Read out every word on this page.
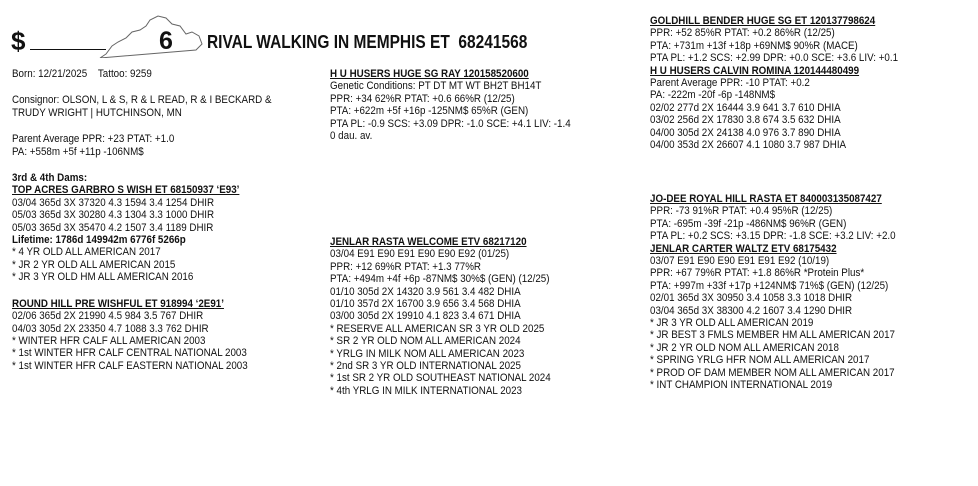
$	6 RIVAL WALKING IN MEMPHIS ET 68241568
Born: 12/21/2025 Tattoo: 9259
Consignor: OLSON, L & S, R & L READ, R & I BECKARD &
TRUDY WRIGHT | HUTCHINSON, MN
Parent Average PPR: +23 PTAT: +1.0
PA: +558m +5f +11p -106NM$
3rd & 4th Dams:
TOP ACRES GARBRO S WISH ET 68150937 ‘E93’
03/04 365d 3X 37320 4.3 1594 3.4 1254 DHIR
05/03 365d 3X 30280 4.3 1304 3.3 1000 DHIR
05/03 365d 3X 35470 4.2 1507 3.4 1189 DHIR
Lifetime: 1786d 149942m 6776f 5266p
* 4 YR OLD ALL AMERICAN 2017
* JR 2 YR OLD ALL AMERICAN 2015
* JR 3 YR OLD HM ALL AMERICAN 2016
ROUND HILL PRE WISHFUL ET 918994 ‘2E91’
02/06 365d 2X 21990 4.5 984 3.5 767 DHIR
04/03 305d 2X 23350 4.7 1088 3.3 762 DHIR
* WINTER HFR CALF ALL AMERICAN 2003
* 1st WINTER HFR CALF CENTRAL NATIONAL 2003
* 1st WINTER HFR CALF EASTERN NATIONAL 2003
H U HUSERS HUGE SG RAY 120158520600
Genetic Conditions: PT DT MT WT BH2T BH14T
PPR: +34 62%R PTAT: +0.6 66%R (12/25)
PTA: +622m +5f +16p -125NM$ 65%R (GEN)
PTA PL: -0.9 SCS: +3.09 DPR: -1.0 SCE: +4.1 LIV: -1.4
0 dau. av.
JENLAR RASTA WELCOME ETV 68217120
03/04 E91 E90 E91 E90 E90 E92 (01/25)
PPR: +12 69%R PTAT: +1.3 77%R
PTA: +494m +4f +6p -87NM$ 30%$ (GEN) (12/25)
01/10 305d 2X 14320 3.9 561 3.4 482 DHIA
01/10 357d 2X 16700 3.9 656 3.4 568 DHIA
03/00 305d 2X 19910 4.1 823 3.4 671 DHIA
* RESERVE ALL AMERICAN SR 3 YR OLD 2025
* SR 2 YR OLD NOM ALL AMERICAN 2024
* YRLG IN MILK NOM ALL AMERICAN 2023
* 2nd SR 3 YR OLD INTERNATIONAL 2025
* 1st SR 2 YR OLD SOUTHEAST NATIONAL 2024
* 4th YRLG IN MILK INTERNATIONAL 2023
GOLDHILL BENDER HUGE SG ET 120137798624
PPR: +52 85%R PTAT: +0.2 86%R (12/25)
PTA: +731m +13f +18p +69NM$ 90%R (MACE)
PTA PL: +1.2 SCS: +2.99 DPR: +0.0 SCE: +3.6 LIV: +0.1
H U HUSERS CALVIN ROMINA 120144480499
Parent Average PPR: -10 PTAT: +0.2
PA: -222m -20f -6p -148NM$
02/02 277d 2X 16444 3.9 641 3.7 610 DHIA
03/02 256d 2X 17830 3.8 674 3.5 632 DHIA
04/00 305d 2X 24138 4.0 976 3.7 890 DHIA
04/00 353d 2X 26607 4.1 1080 3.7 987 DHIA
JO-DEE ROYAL HILL RASTA ET 840003135087427
PPR: -73 91%R PTAT: +0.4 95%R (12/25)
PTA: -695m -39f -21p -486NM$ 96%R (GEN)
PTA PL: +0.2 SCS: +3.15 DPR: -1.8 SCE: +3.2 LIV: +2.0
JENLAR CARTER WALTZ ETV 68175432
03/07 E91 E90 E90 E91 E91 E92 (10/19)
PPR: +67 79%R PTAT: +1.8 86%R *Protein Plus*
PTA: +997m +33f +17p +124NM$ 71%$ (GEN) (12/25)
02/01 365d 3X 30950 3.4 1058 3.3 1018 DHIR
03/04 365d 3X 38300 4.2 1607 3.4 1290 DHIR
* JR 3 YR OLD ALL AMERICAN 2019
* JR BEST 3 FMLS MEMBER HM ALL AMERICAN 2017
* JR 2 YR OLD NOM ALL AMERICAN 2018
* SPRING YRLG HFR NOM ALL AMERICAN 2017
* PROD OF DAM MEMBER NOM ALL AMERICAN 2017
* INT CHAMPION INTERNATIONAL 2019
